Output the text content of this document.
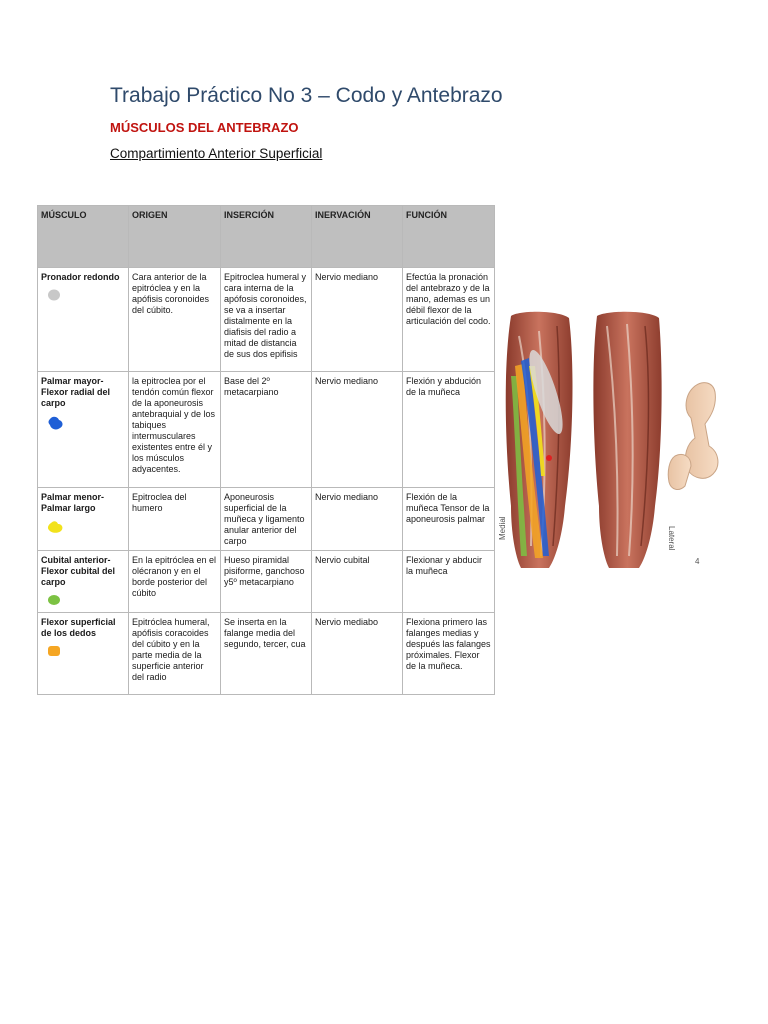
Trabajo Práctico No 3 – Codo y Antebrazo
MÚSCULOS DEL ANTEBRAZO
Compartimiento Anterior Superficial
MÚSCULO	ORIGEN	INSERCIÓN	INERVACIÓN	FUNCIÓN

Pronador redondo	Cara anterior de la epitróclea y en la apófisis coronoides del cúbito.	Epitroclea humeral y cara interna de la apófosis coronoides, se va a insertar distalmente en la diafisis del radio a mitad de distancia de sus dos epifisis	Nervio mediano	Efectúa la pronación del antebrazo y de la mano, ademas es un débil flexor de la articulación del codo.

Palmar mayor- Flexor radial del carpo	la epitroclea por el tendón común flexor de la aponeurosis antebraquial y de los tabiques intermusculares existentes entre él y los músculos adyacentes.	Base del 2º metacarpiano	Nervio mediano	Flexión y abdución de la muñeca

Palmar menor- Palmar largo	Epitroclea del humero	Aponeurosis superficial de la muñeca y ligamento anular anterior del carpo	Nervio mediano	Flexión de la muñeca Tensor de la aponeurosis palmar

Cubital anterior- Flexor cubital del carpo	En la epitróclea en el olécranon y en el borde posterior del cúbito	Hueso piramidal pisiforme, ganchoso y5º metacarpiano	Nervio cubital	Flexionar y abducir la muñeca

Flexor superficial de los dedos	Epitróclea humeral, apófisis coracoides del cúbito y en la parte media de la superficie anterior del radio	Se inserta en la falange media del segundo, tercer, cua	Nervio mediabo	Flexiona primero las falanges medias y después las falanges próximales. Flexor de la muñeca.
Medial	Lateral
4
